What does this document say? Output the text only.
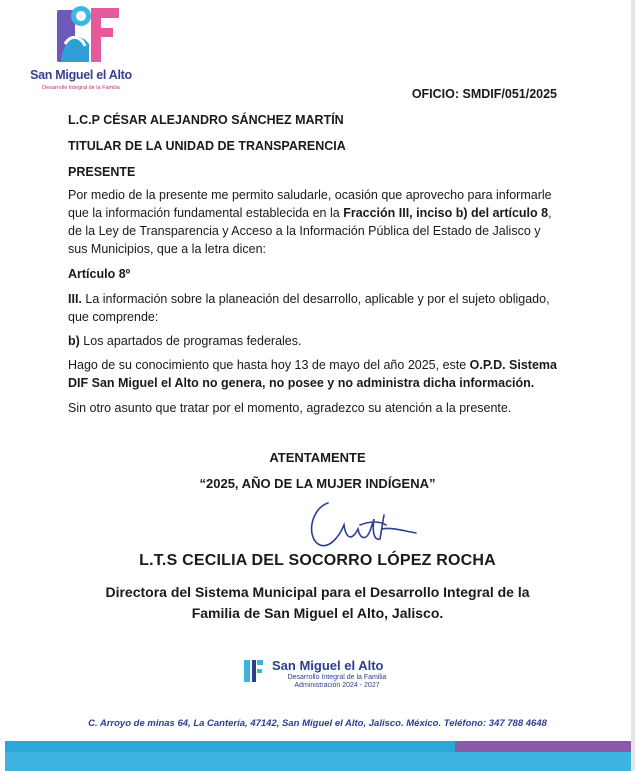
San Miguel el Alto
Desarrollo Integral de la Familia	OFICIO: SMDIF/051/2025
L.C.P CÉSAR ALEJANDRO SÁNCHEZ MARTÍN
TITULAR DE LA UNIDAD DE TRANSPARENCIA
PRESENTE
Por medio de la presente me permito saludarle, ocasión que aprovecho para informarle que la información fundamental establecida en la Fracción III, inciso b) del artículo 8, de la Ley de Transparencia y Acceso a la Información Pública del Estado de Jalisco y sus Municipios, que a la letra dicen:
Artículo 8º
III. La información sobre la planeación del desarrollo, aplicable y por el sujeto obligado, que comprende:
b) Los apartados de programas federales.
Hago de su conocimiento que hasta hoy 13 de mayo del año 2025, este O.P.D. Sistema DIF San Miguel el Alto no genera, no posee y no administra dicha información.
Sin otro asunto que tratar por el momento, agradezco su atención a la presente.
ATENTAMENTE
“2025, AÑO DE LA MUJER INDÍGENA”
L.T.S CECILIA DEL SOCORRO LÓPEZ ROCHA
Directora del Sistema Municipal para el Desarrollo Integral de la Familia de San Miguel el Alto, Jalisco.
San Miguel el Alto
Desarrollo Integral de la Familia
Administración 2024 - 2027
C. Arroyo de minas 64, La Cantería, 47142, San Miguel el Alto, Jalisco. México. Teléfono: 347 788 4648
